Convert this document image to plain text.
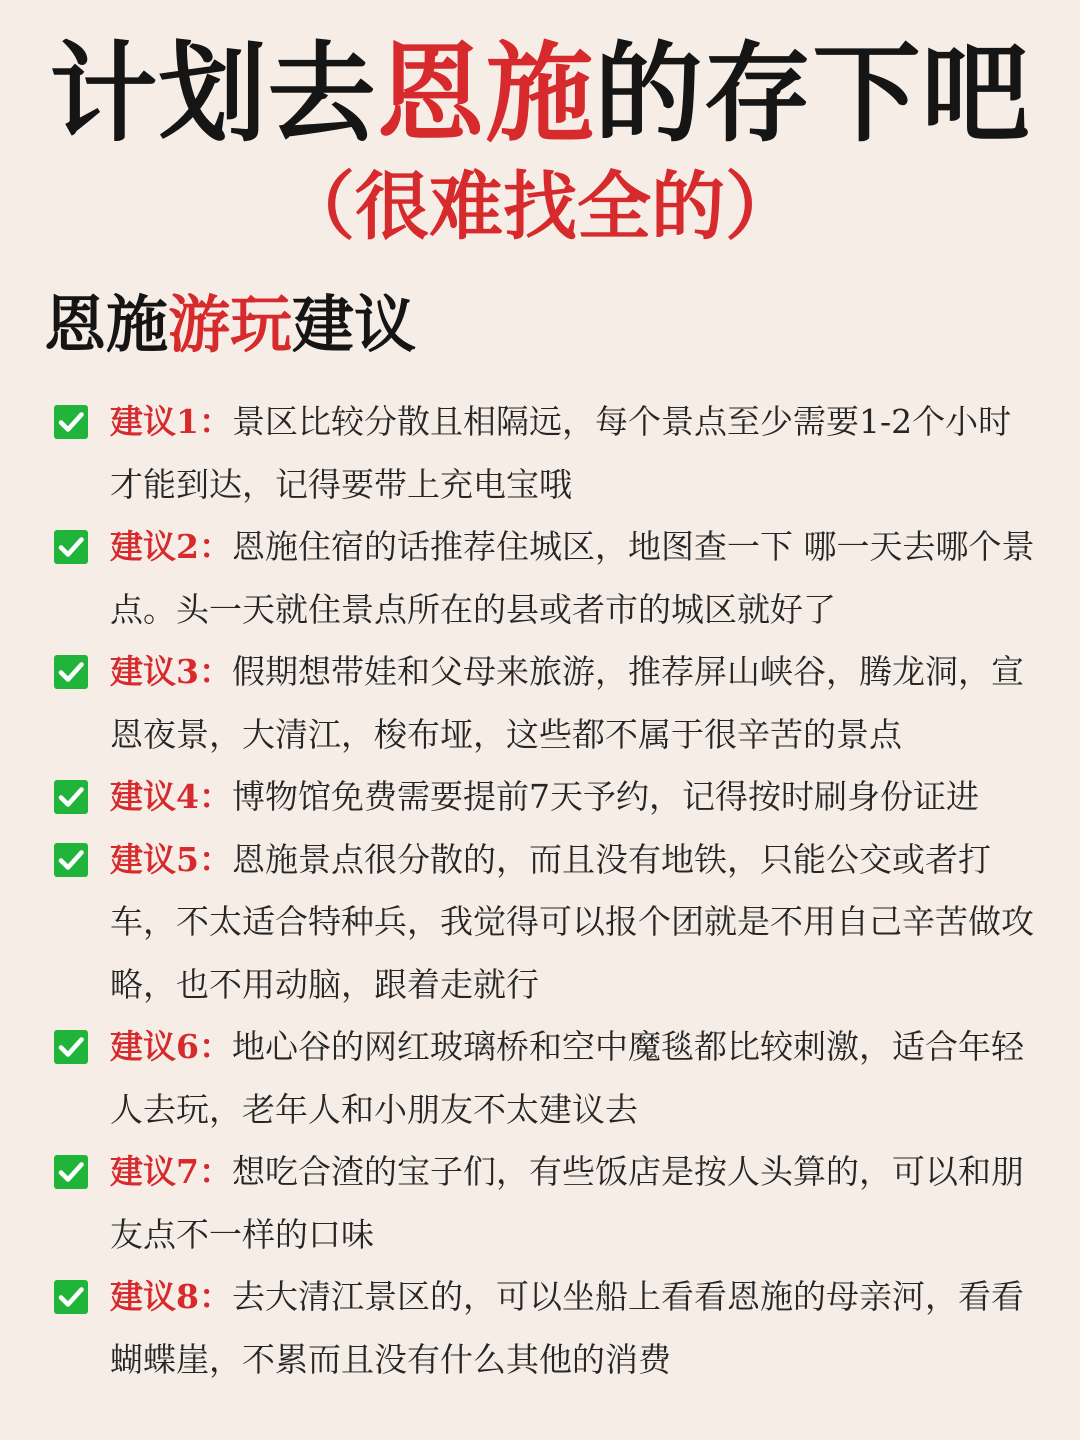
计划去恩施的存下吧
（很难找全的）
恩施游玩建议
建议1：景区比较分散且相隔远，每个景点至少需要1-2个小时才能到达，记得要带上充电宝哦
建议2：恩施住宿的话推荐住城区，地图查一下 哪一天去哪个景点。头一天就住景点所在的县或者市的城区就好了
建议3：假期想带娃和父母来旅游，推荐屏山峡谷，腾龙洞，宣恩夜景，大清江，梭布垭，这些都不属于很辛苦的景点
建议4：博物馆免费需要提前7天予约，记得按时刷身份证进
建议5：恩施景点很分散的，而且没有地铁，只能公交或者打车，不太适合特种兵，我觉得可以报个团就是不用自己辛苦做攻略，也不用动脑，跟着走就行
建议6：地心谷的网红玻璃桥和空中魔毯都比较刺激，适合年轻人去玩，老年人和小朋友不太建议去
建议7：想吃合渣的宝子们，有些饭店是按人头算的，可以和朋友点不一样的口味
建议8：去大清江景区的，可以坐船上看看恩施的母亲河，看看蝴蝶崖，不累而且没有什么其他的消费
